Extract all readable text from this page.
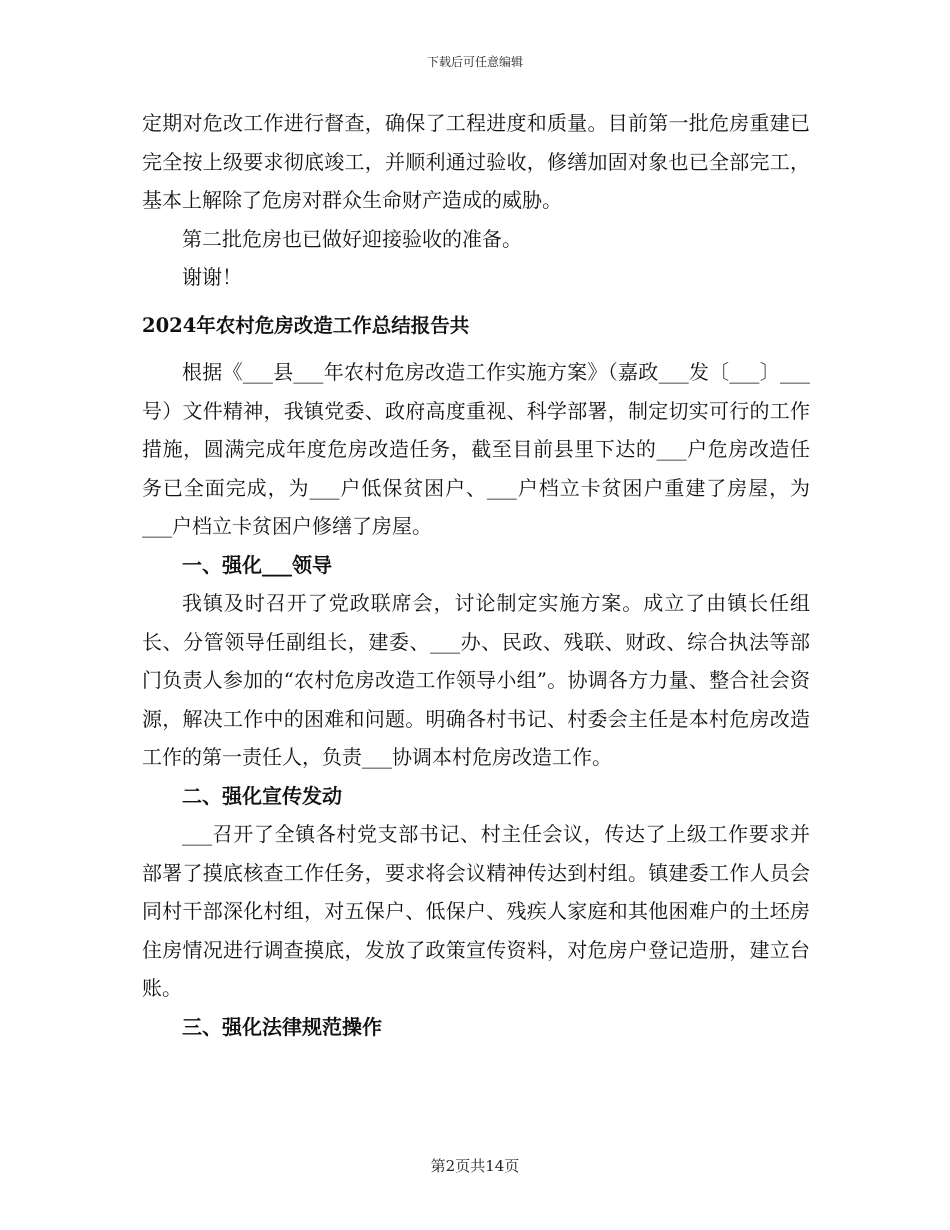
下载后可任意编辑

定期对危改工作进行督查，确保了工程进度和质量。目前第一批危房重建已完全按上级要求彻底竣工，并顺利通过验收，修缮加固对象也已全部完工，基本上解除了危房对群众生命财产造成的威胁。

第二批危房也已做好迎接验收的准备。

谢谢！

2024年农村危房改造工作总结报告共

根据《___县___年农村危房改造工作实施方案》（嘉政___发〔___〕___号）文件精神，我镇党委、政府高度重视、科学部署，制定切实可行的工作措施，圆满完成年度危房改造任务，截至目前县里下达的___户危房改造任务已全面完成，为___户低保贫困户、___户档立卡贫困户重建了房屋，为___户档立卡贫困户修缮了房屋。

一、强化___领导

我镇及时召开了党政联席会，讨论制定实施方案。成立了由镇长任组长、分管领导任副组长，建委、___办、民政、残联、财政、综合执法等部门负责人参加的“农村危房改造工作领导小组”。协调各方力量、整合社会资源，解决工作中的困难和问题。明确各村书记、村委会主任是本村危房改造工作的第一责任人，负责___协调本村危房改造工作。

二、强化宣传发动

___召开了全镇各村党支部书记、村主任会议，传达了上级工作要求并部署了摸底核查工作任务，要求将会议精神传达到村组。镇建委工作人员会同村干部深化村组，对五保户、低保户、残疾人家庭和其他困难户的土坯房住房情况进行调查摸底，发放了政策宣传资料，对危房户登记造册，建立台账。

三、强化法律规范操作

第2页共14页
